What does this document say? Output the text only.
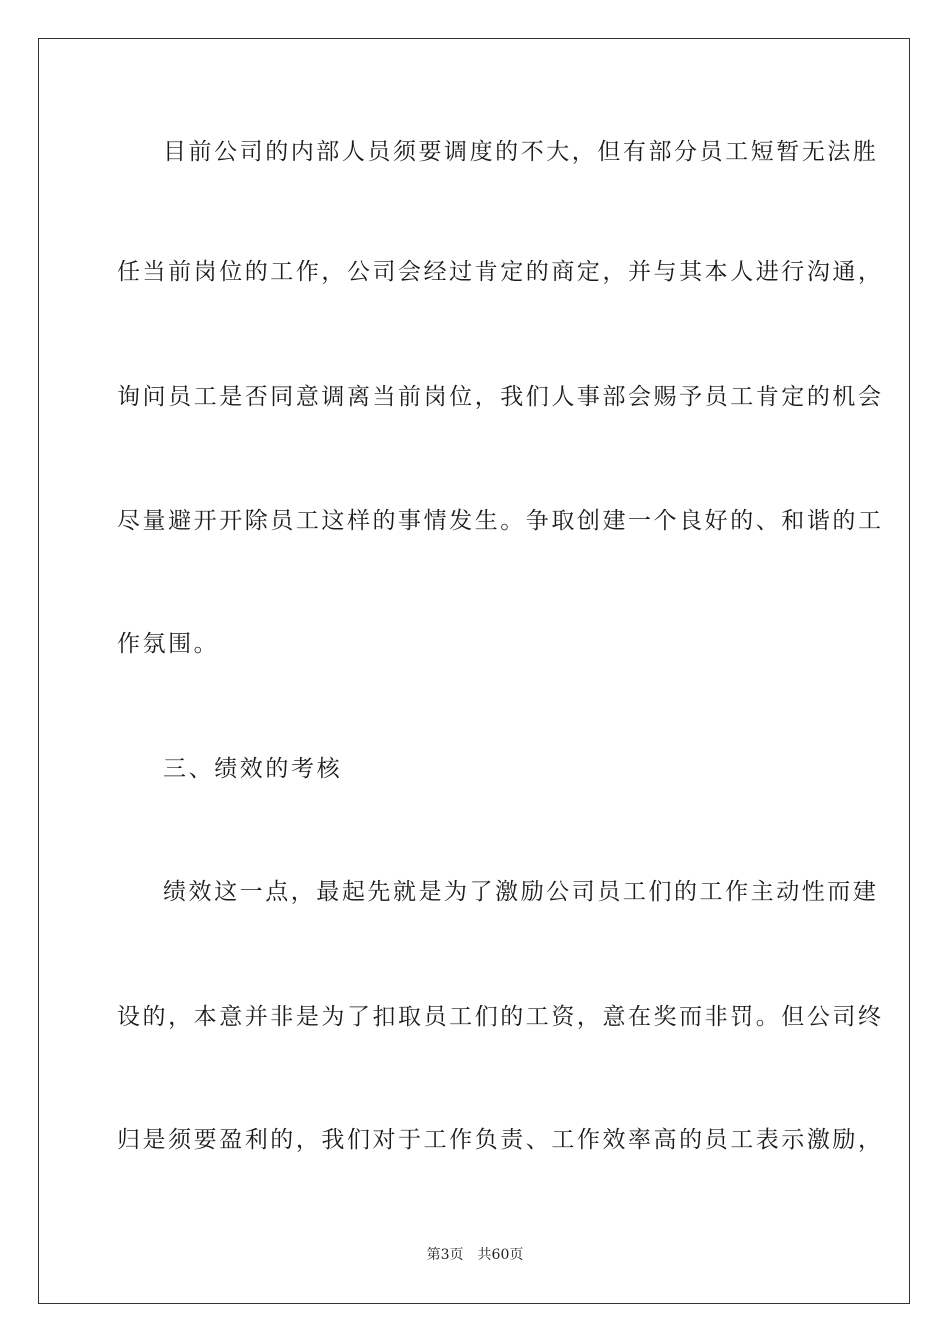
目前公司的内部人员须要调度的不大，但有部分员工短暂无法胜
任当前岗位的工作，公司会经过肯定的商定，并与其本人进行沟通，
询问员工是否同意调离当前岗位，我们人事部会赐予员工肯定的机会
尽量避开开除员工这样的事情发生。争取创建一个良好的、和谐的工
作氛围。
三、绩效的考核
绩效这一点，最起先就是为了激励公司员工们的工作主动性而建
设的，本意并非是为了扣取员工们的工资，意在奖而非罚。但公司终
归是须要盈利的，我们对于工作负责、工作效率高的员工表示激励，
第3页 共60页
